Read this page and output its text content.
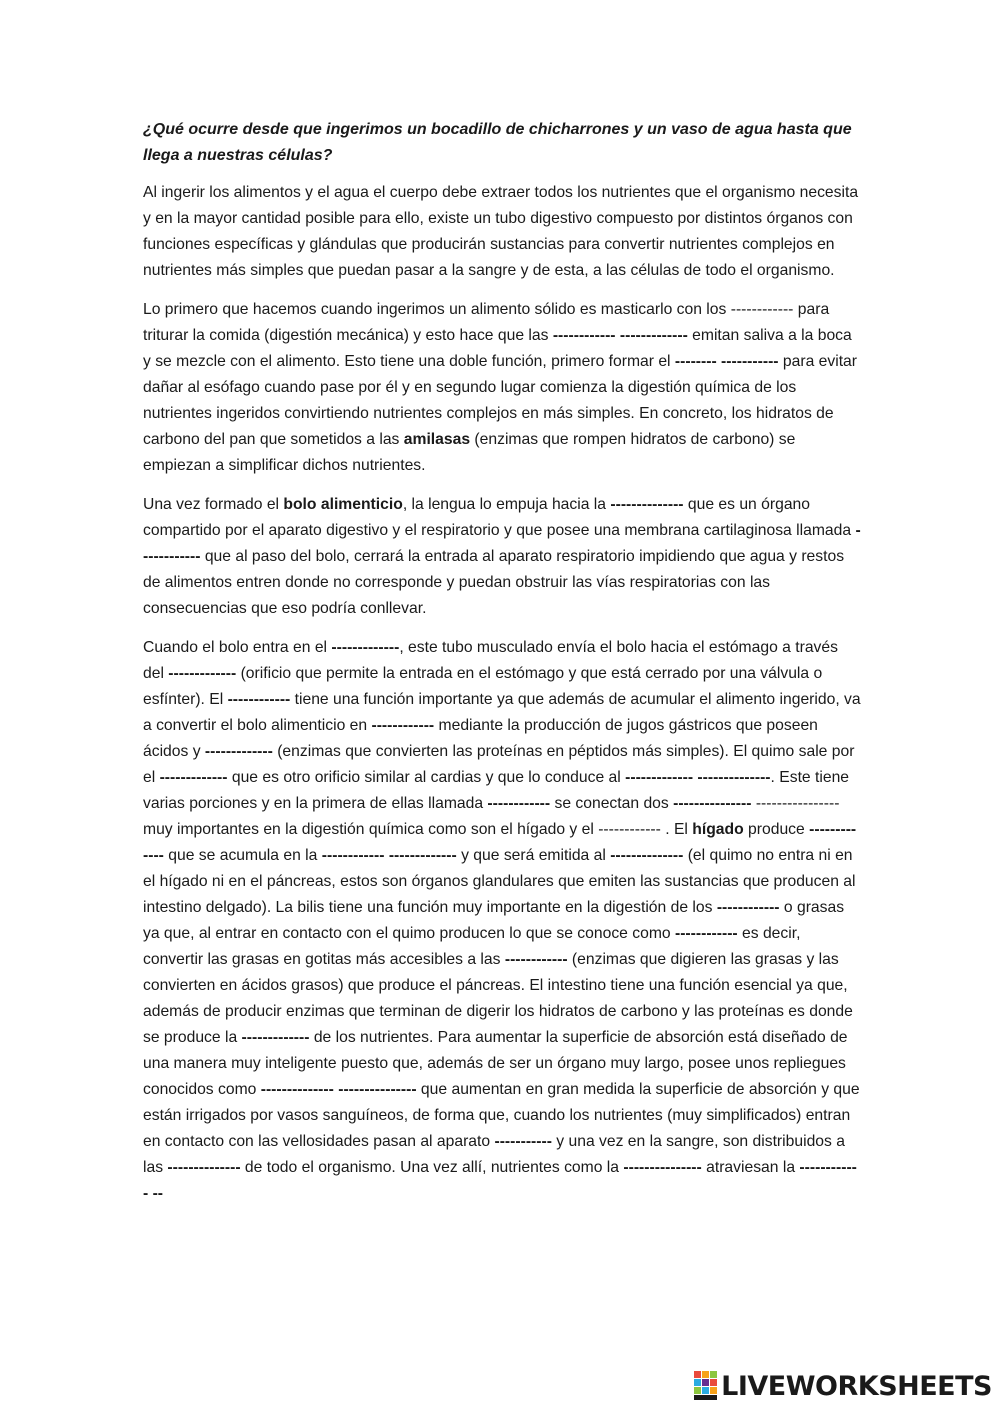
¿Qué ocurre desde que ingerimos un bocadillo de chicharrones y un vaso de agua hasta que llega a nuestras células?

Al ingerir los alimentos y el agua el cuerpo debe extraer todos los nutrientes que el organismo necesita y en la mayor cantidad posible para ello, existe un tubo digestivo compuesto por distintos órganos con funciones específicas y glándulas que producirán sustancias para convertir nutrientes complejos en nutrientes más simples que puedan pasar a la sangre y de esta, a las células de todo el organismo.

Lo primero que hacemos cuando ingerimos un alimento sólido es masticarlo con los ------------ para triturar la comida (digestión mecánica) y esto hace que las ------------ ------------- emitan saliva a la boca y se mezcle con el alimento. Esto tiene una doble función, primero formar el -------- ----------- para evitar dañar al esófago cuando pase por él y en segundo lugar comienza la digestión química de los nutrientes ingeridos convirtiendo nutrientes complejos en más simples. En concreto, los hidratos de carbono del pan que sometidos a las amilasas (enzimas que rompen hidratos de carbono) se empiezan a simplificar dichos nutrientes.

Una vez formado el bolo alimenticio, la lengua lo empuja hacia la -------------- que es un órgano compartido por el aparato digestivo y el respiratorio y que posee una membrana cartilaginosa llamada ------------ que al paso del bolo, cerrará la entrada al aparato respiratorio impidiendo que agua y restos de alimentos entren donde no corresponde y puedan obstruir las vías respiratorias con las consecuencias que eso podría conllevar.

Cuando el bolo entra en el -------------, este tubo musculado envía el bolo hacia el estómago a través del ------------- (orificio que permite la entrada en el estómago y que está cerrado por una válvula o esfínter). El ------------ tiene una función importante ya que además de acumular el alimento ingerido, va a convertir el bolo alimenticio en ------------ mediante la producción de jugos gástricos que poseen ácidos y ------------- (enzimas que convierten las proteínas en péptidos más simples). El quimo sale por el ------------- que es otro orificio similar al cardias y que lo conduce al ------------- --------------. Este tiene varias porciones y en la primera de ellas llamada ------------ se conectan dos --------------- ---------------- muy importantes en la digestión química como son el hígado y el ------------ . El hígado produce ------------- que se acumula en la ------------ ------------- y que será emitida al -------------- (el quimo no entra ni en el hígado ni en el páncreas, estos son órganos glandulares que emiten las sustancias que producen al intestino delgado). La bilis tiene una función muy importante en la digestión de los ------------ o grasas ya que, al entrar en contacto con el quimo producen lo que se conoce como ------------ es decir, convertir las grasas en gotitas más accesibles a las ------------ (enzimas que digieren las grasas y las convierten en ácidos grasos) que produce el páncreas. El intestino tiene una función esencial ya que, además de producir enzimas que terminan de digerir los hidratos de carbono y las proteínas es donde se produce la ------------- de los nutrientes. Para aumentar la superficie de absorción está diseñado de una manera muy inteligente puesto que, además de ser un órgano muy largo, posee unos repliegues conocidos como -------------- --------------- que aumentan en gran medida la superficie de absorción y que están irrigados por vasos sanguíneos, de forma que, cuando los nutrientes (muy simplificados) entran en contacto con las vellosidades pasan al aparato ----------- y una vez en la sangre, son distribuidos a las -------------- de todo el organismo. Una vez allí, nutrientes como la --------------- atraviesan la ------------ --

LIVEWORKSHEETS
